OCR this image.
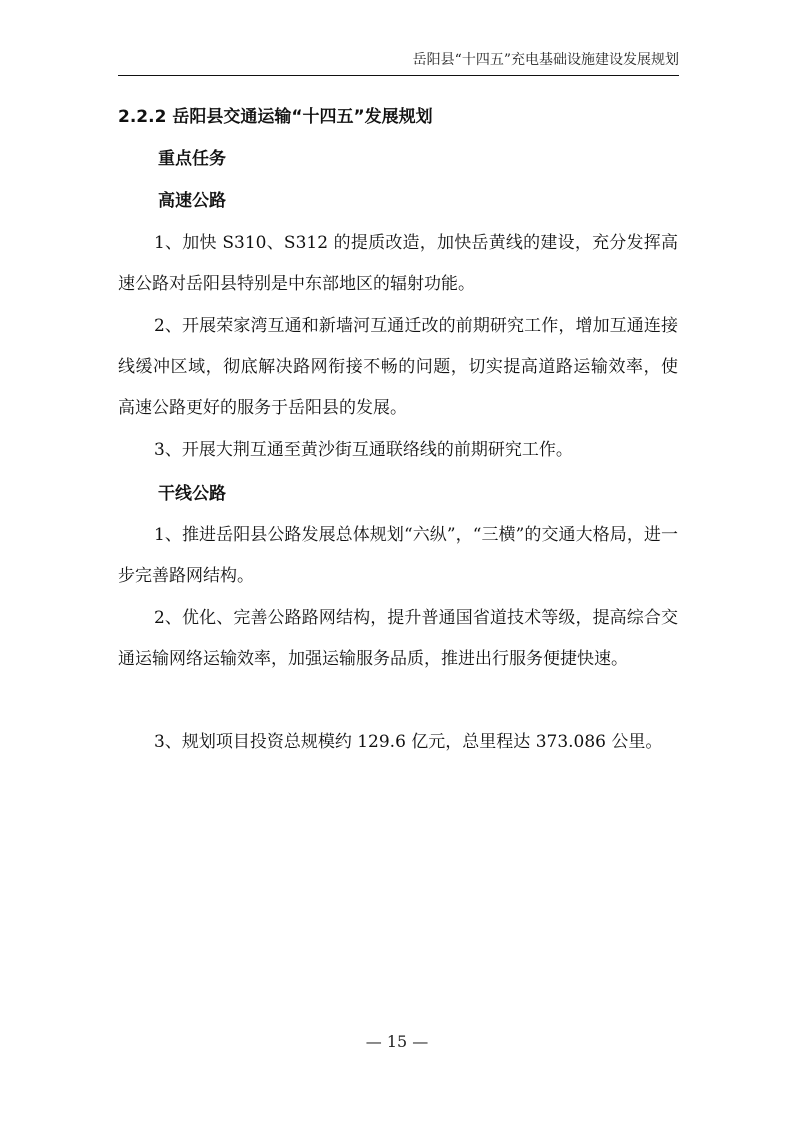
岳阳县“十四五”充电基础设施建设发展规划
2.2.2 岳阳县交通运输“十四五”发展规划
重点任务
高速公路

1、加快 S310、S312 的提质改造，加快岳黄线的建设，充分发挥高速公路对岳阳县特别是中东部地区的辐射功能。

2、开展荣家湾互通和新墙河互通迁改的前期研究工作，增加互通连接线缓冲区域，彻底解决路网衔接不畅的问题，切实提高道路运输效率，使高速公路更好的服务于岳阳县的发展。

3、开展大荆互通至黄沙街互通联络线的前期研究工作。

干线公路

1、推进岳阳县公路发展总体规划“六纵”，“三横”的交通大格局，进一步完善路网结构。

2、优化、完善公路路网结构，提升普通国省道技术等级，提高综合交通运输网络运输效率，加强运输服务品质，推进出行服务便捷快速。

3、规划项目投资总规模约 129.6 亿元，总里程达 373.086 公里。

— 15 —
